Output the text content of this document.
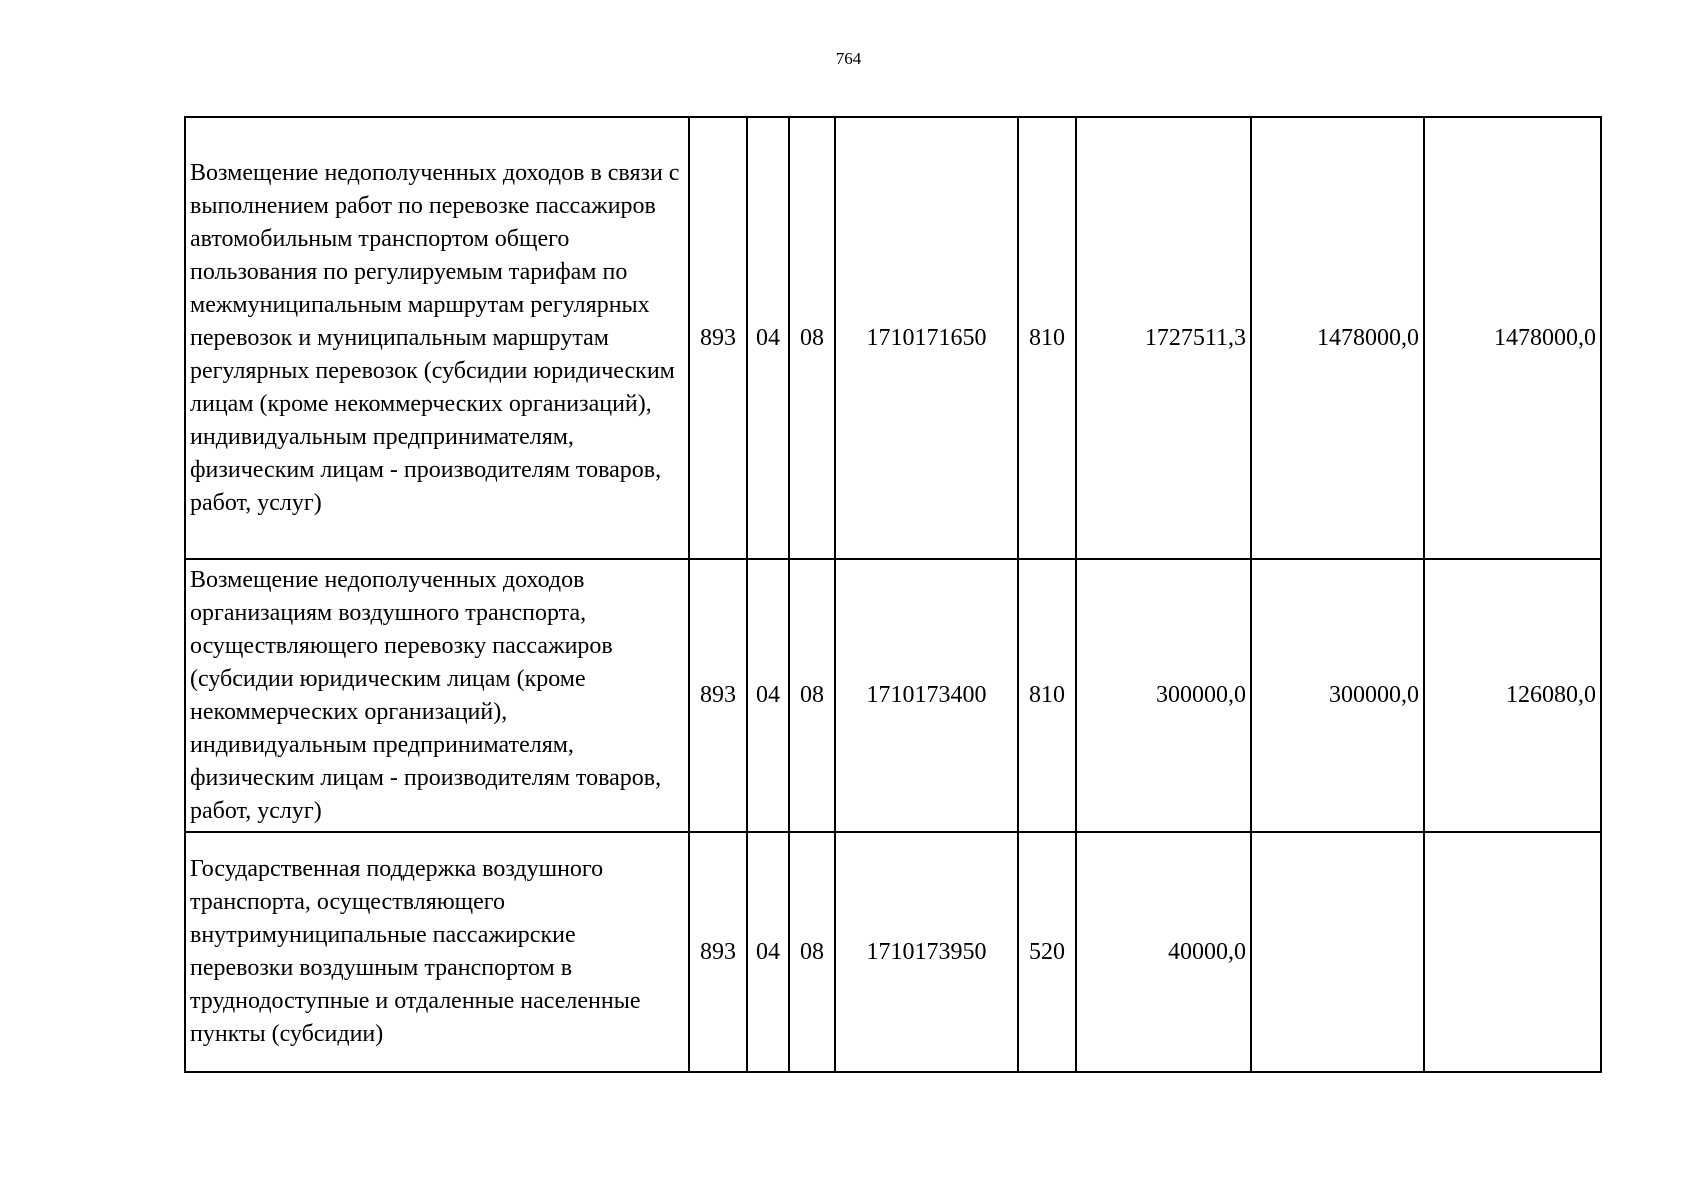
764
Возмещение недополученных доходов в связи с выполнением работ по перевозке пассажиров автомобильным транспортом общего пользования по регулируемым тарифам по межмуниципальным маршрутам регулярных перевозок и муниципальным маршрутам регулярных перевозок (субсидии юридическим лицам (кроме некоммерческих организаций), индивидуальным предпринимателям, физическим лицам - производителям товаров, работ, услуг)	893	04	08	1710171650	810	1727511,3	1478000,0	1478000,0
Возмещение недополученных доходов организациям воздушного транспорта, осуществляющего перевозку пассажиров (субсидии юридическим лицам (кроме некоммерческих организаций), индивидуальным предпринимателям, физическим лицам - производителям товаров, работ, услуг)	893	04	08	1710173400	810	300000,0	300000,0	126080,0
Государственная поддержка воздушного транспорта, осуществляющего внутримуниципальные пассажирские перевозки воздушным транспортом в труднодоступные и отдаленные населенные пункты (субсидии)	893	04	08	1710173950	520	40000,0		
